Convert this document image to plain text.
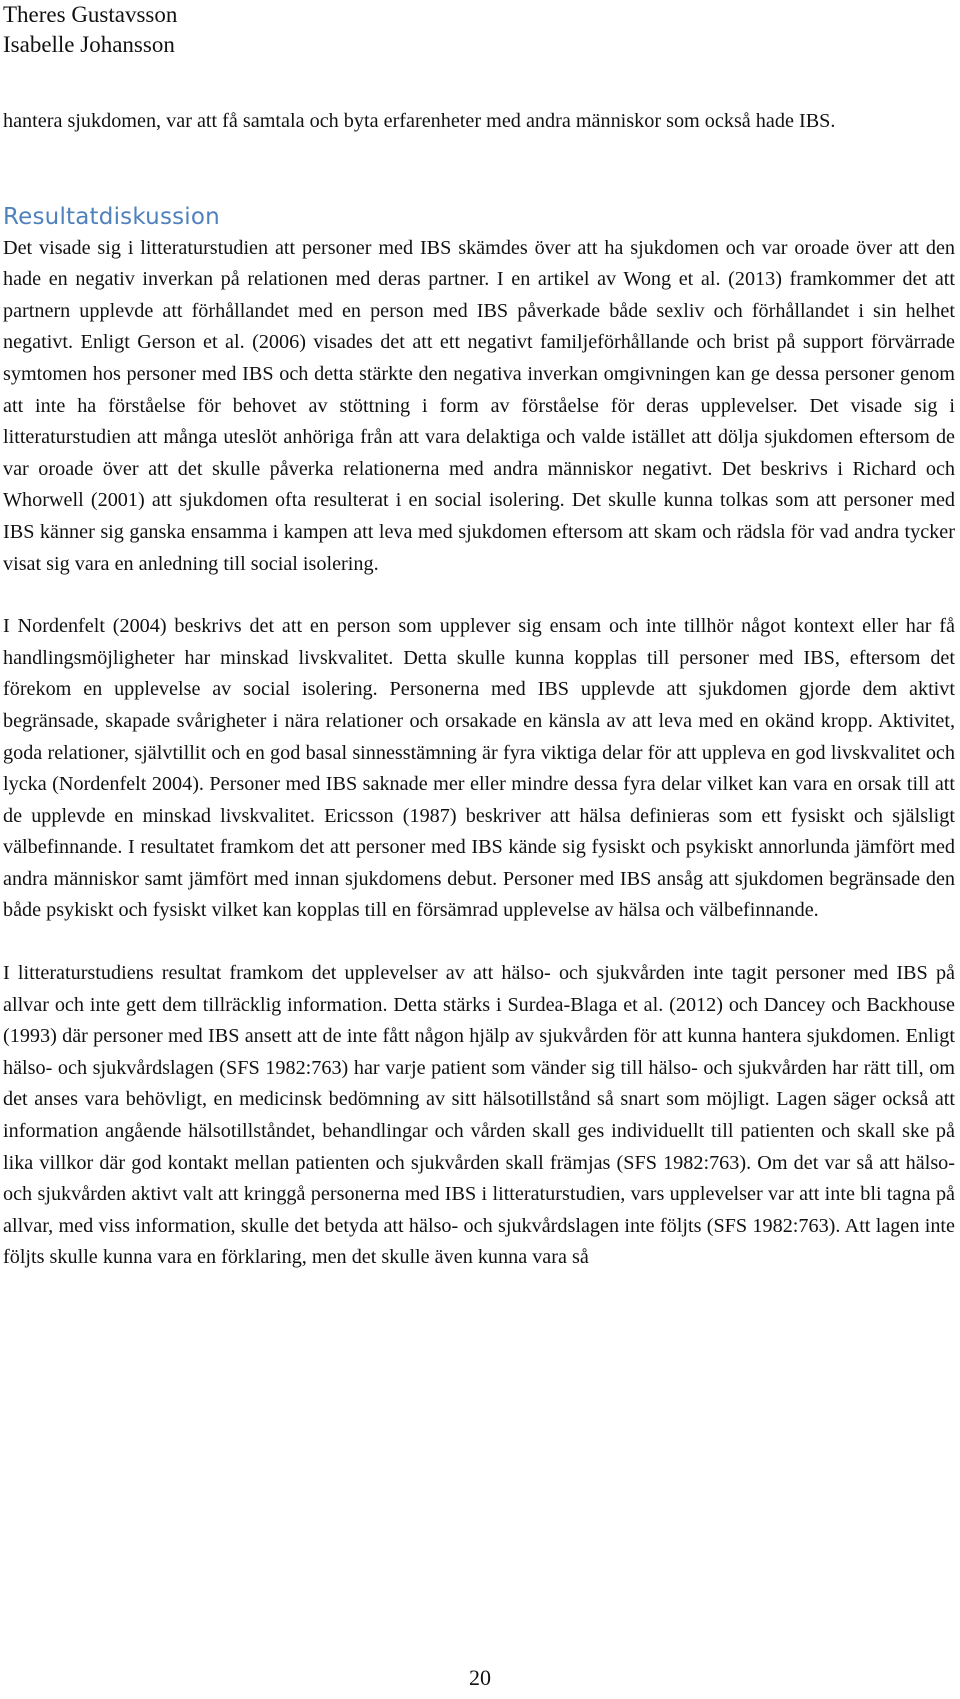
Theres Gustavsson
Isabelle Johansson

hantera sjukdomen, var att få samtala och byta erfarenheter med andra människor som också hade IBS.

Resultatdiskussion

Det visade sig i litteraturstudien att personer med IBS skämdes över att ha sjukdomen och var oroade över att den hade en negativ inverkan på relationen med deras partner. I en artikel av Wong et al. (2013) framkommer det att partnern upplevde att förhållandet med en person med IBS påverkade både sexliv och förhållandet i sin helhet negativt. Enligt Gerson et al. (2006) visades det att ett negativt familjeförhållande och brist på support förvärrade symtomen hos personer med IBS och detta stärkte den negativa inverkan omgivningen kan ge dessa personer genom att inte ha förståelse för behovet av stöttning i form av förståelse för deras upplevelser. Det visade sig i litteraturstudien att många uteslöt anhöriga från att vara delaktiga och valde istället att dölja sjukdomen eftersom de var oroade över att det skulle påverka relationerna med andra människor negativt. Det beskrivs i Richard och Whorwell (2001) att sjukdomen ofta resulterat i en social isolering. Det skulle kunna tolkas som att personer med IBS känner sig ganska ensamma i kampen att leva med sjukdomen eftersom att skam och rädsla för vad andra tycker visat sig vara en anledning till social isolering.

I Nordenfelt (2004) beskrivs det att en person som upplever sig ensam och inte tillhör något kontext eller har få handlingsmöjligheter har minskad livskvalitet. Detta skulle kunna kopplas till personer med IBS, eftersom det förekom en upplevelse av social isolering. Personerna med IBS upplevde att sjukdomen gjorde dem aktivt begränsade, skapade svårigheter i nära relationer och orsakade en känsla av att leva med en okänd kropp. Aktivitet, goda relationer, självtillit och en god basal sinnesstämning är fyra viktiga delar för att uppleva en god livskvalitet och lycka (Nordenfelt 2004). Personer med IBS saknade mer eller mindre dessa fyra delar vilket kan vara en orsak till att de upplevde en minskad livskvalitet. Ericsson (1987) beskriver att hälsa definieras som ett fysiskt och själsligt välbefinnande. I resultatet framkom det att personer med IBS kände sig fysiskt och psykiskt annorlunda jämfört med andra människor samt jämfört med innan sjukdomens debut. Personer med IBS ansåg att sjukdomen begränsade den både psykiskt och fysiskt vilket kan kopplas till en försämrad upplevelse av hälsa och välbefinnande.

I litteraturstudiens resultat framkom det upplevelser av att hälso- och sjukvården inte tagit personer med IBS på allvar och inte gett dem tillräcklig information. Detta stärks i Surdea-Blaga et al. (2012) och Dancey och Backhouse (1993) där personer med IBS ansett att de inte fått någon hjälp av sjukvården för att kunna hantera sjukdomen. Enligt hälso- och sjukvårdslagen (SFS 1982:763) har varje patient som vänder sig till hälso- och sjukvården har rätt till, om det anses vara behövligt, en medicinsk bedömning av sitt hälsotillstånd så snart som möjligt. Lagen säger också att information angående hälsotillståndet, behandlingar och vården skall ges individuellt till patienten och skall ske på lika villkor där god kontakt mellan patienten och sjukvården skall främjas (SFS 1982:763). Om det var så att hälso- och sjukvården aktivt valt att kringgå personerna med IBS i litteraturstudien, vars upplevelser var att inte bli tagna på allvar, med viss information, skulle det betyda att hälso- och sjukvårdslagen inte följts (SFS 1982:763). Att lagen inte följts skulle kunna vara en förklaring, men det skulle även kunna vara så

20
